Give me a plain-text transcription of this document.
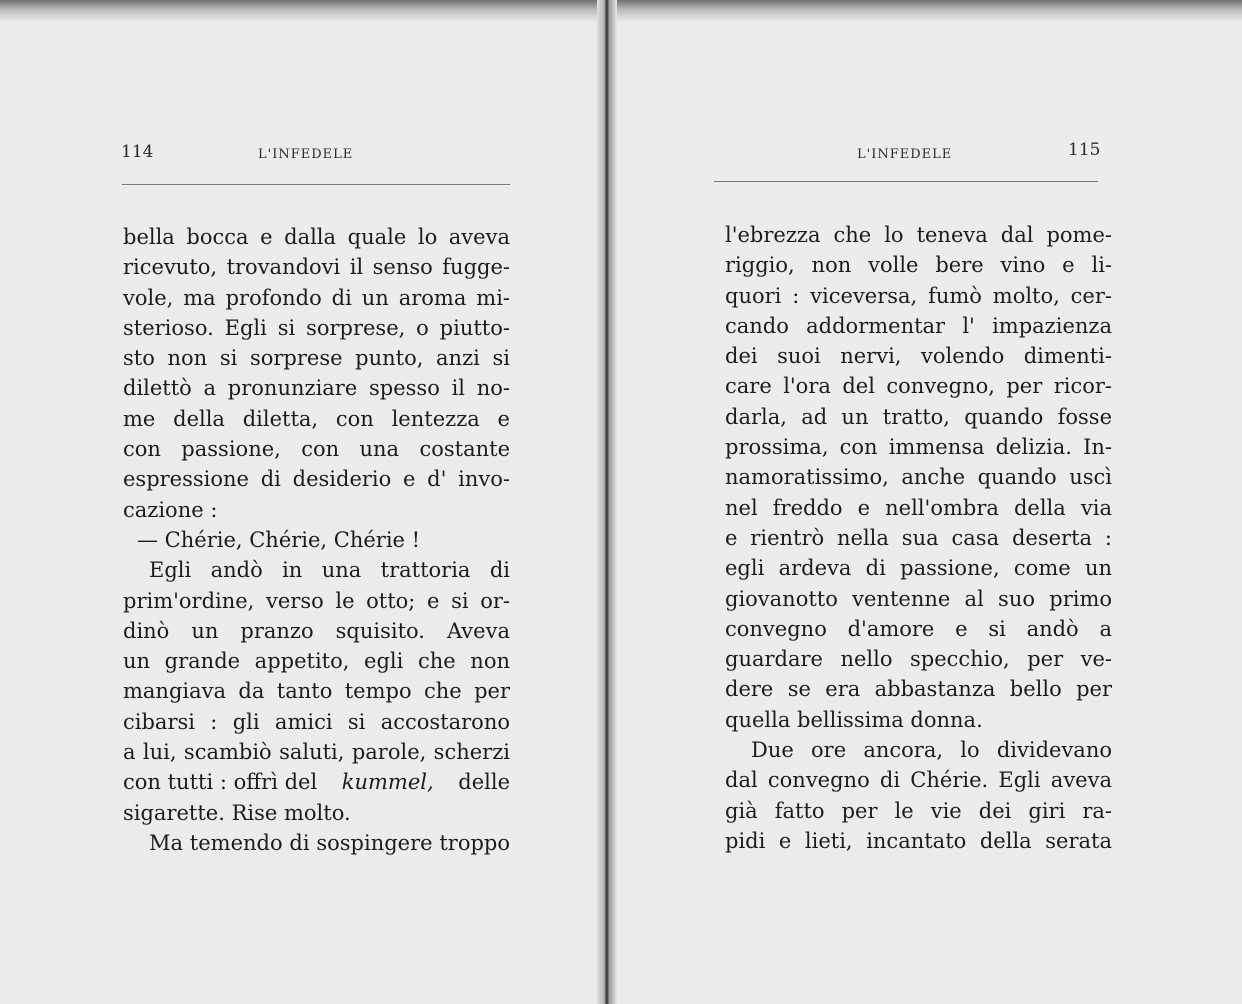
114	L'INFEDELE
bella bocca e dalla quale lo aveva
ricevuto, trovandovi il senso fugge-
vole, ma profondo di un aroma mi-
sterioso. Egli si sorprese, o piutto-
sto non si sorprese punto, anzi si
dilettò a pronunziare spesso il no-
me della diletta, con lentezza e
con passione, con una costante
espressione di desiderio e d' invo-
cazione :
— Chérie, Chérie, Chérie !
Egli andò in una trattoria di
prim'ordine, verso le otto; e si or-
dinò un pranzo squisito. Aveva
un grande appetito, egli che non
mangiava da tanto tempo che per
cibarsi : gli amici si accostarono
a lui, scambiò saluti, parole, scherzi
con tutti : offrì del kummel, delle
sigarette. Rise molto.
Ma temendo di sospingere troppo
L'INFEDELE	115
l'ebrezza che lo teneva dal pome-
riggio, non volle bere vino e li-
quori : viceversa, fumò molto, cer-
cando addormentar l' impazienza
dei suoi nervi, volendo dimenti-
care l'ora del convegno, per ricor-
darla, ad un tratto, quando fosse
prossima, con immensa delizia. In-
namoratissimo, anche quando uscì
nel freddo e nell'ombra della via
e rientrò nella sua casa deserta :
egli ardeva di passione, come un
giovanotto ventenne al suo primo
convegno d'amore e si andò a
guardare nello specchio, per ve-
dere se era abbastanza bello per
quella bellissima donna.
Due ore ancora, lo dividevano
dal convegno di Chérie. Egli aveva
già fatto per le vie dei giri ra-
pidi e lieti, incantato della serata
